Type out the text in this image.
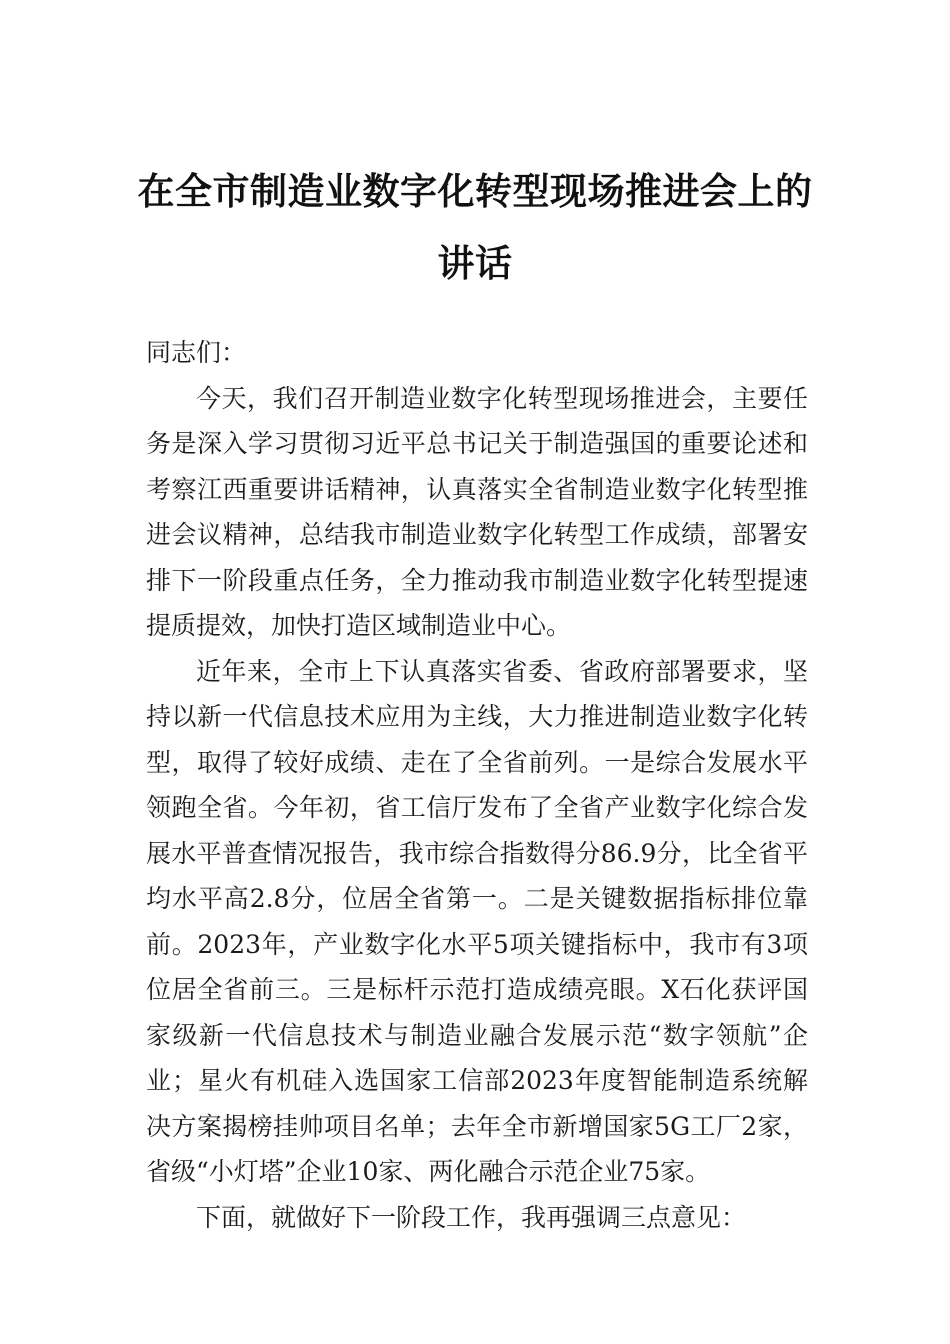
在全市制造业数字化转型现场推进会上的
讲话

同志们：

今天，我们召开制造业数字化转型现场推进会，主要任务是深入学习贯彻习近平总书记关于制造强国的重要论述和考察江西重要讲话精神，认真落实全省制造业数字化转型推进会议精神，总结我市制造业数字化转型工作成绩，部署安排下一阶段重点任务，全力推动我市制造业数字化转型提速提质提效，加快打造区域制造业中心。

近年来，全市上下认真落实省委、省政府部署要求，坚持以新一代信息技术应用为主线，大力推进制造业数字化转型，取得了较好成绩、走在了全省前列。一是综合发展水平领跑全省。今年初，省工信厅发布了全省产业数字化综合发展水平普查情况报告，我市综合指数得分86.9分，比全省平均水平高2.8分，位居全省第一。二是关键数据指标排位靠前。2023年，产业数字化水平5项关键指标中，我市有3项位居全省前三。三是标杆示范打造成绩亮眼。X石化获评国家级新一代信息技术与制造业融合发展示范“数字领航”企业；星火有机硅入选国家工信部2023年度智能制造系统解决方案揭榜挂帅项目名单；去年全市新增国家5G工厂2家，省级“小灯塔”企业10家、两化融合示范企业75家。

下面，就做好下一阶段工作，我再强调三点意见：
